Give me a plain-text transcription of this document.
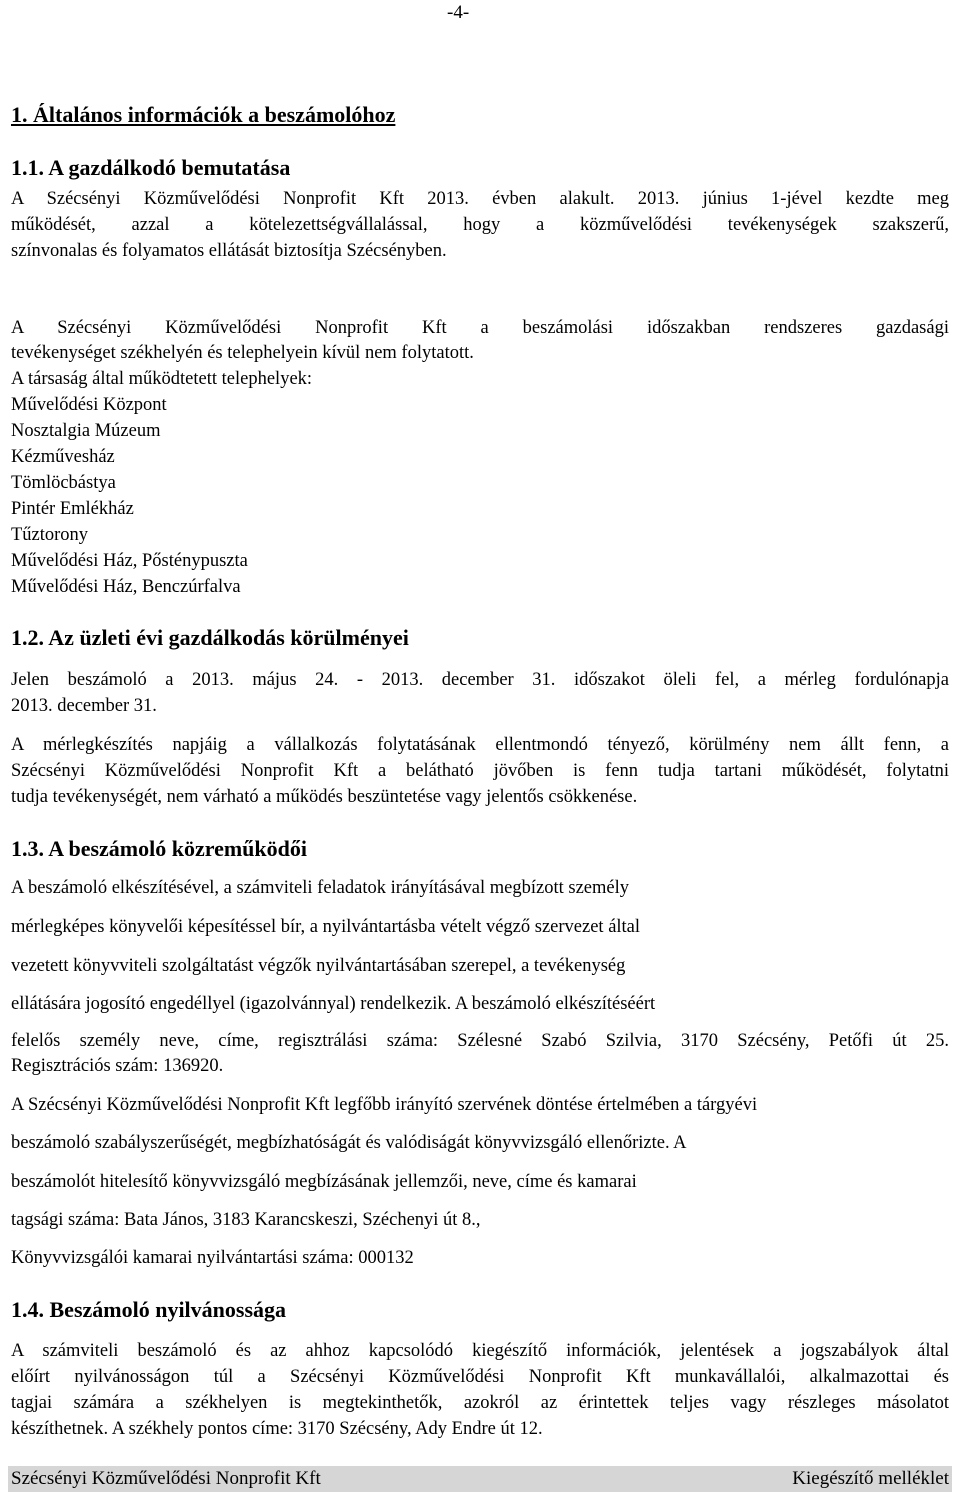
-4-
1. Általános információk a beszámolóhoz
1.1. A gazdálkodó bemutatása
A Szécsényi Közművelődési Nonprofit Kft 2013. évben alakult. 2013. június 1-jével kezdte meg
működését, azzal a kötelezettségvállalással, hogy a közművelődési tevékenységek szakszerű,
színvonalas és folyamatos ellátását biztosítja Szécsényben.
A Szécsényi Közművelődési Nonprofit Kft a beszámolási időszakban rendszeres gazdasági
tevékenységet székhelyén és telephelyein kívül nem folytatott.
A társaság által működtetett telephelyek:
Művelődési Központ
Nosztalgia Múzeum
Kézművesház
Tömlöcbástya
Pintér Emlékház
Tűztorony
Művelődési Ház, Pősténypuszta
Művelődési Ház, Benczúrfalva
1.2. Az üzleti évi gazdálkodás körülményei
Jelen beszámoló a 2013. május 24. - 2013. december 31. időszakot öleli fel, a mérleg fordulónapja
2013. december 31.
A mérlegkészítés napjáig a vállalkozás folytatásának ellentmondó tényező, körülmény nem állt fenn, a
Szécsényi Közművelődési Nonprofit Kft a belátható jövőben is fenn tudja tartani működését, folytatni
tudja tevékenységét, nem várható a működés beszüntetése vagy jelentős csökkenése.
1.3. A beszámoló közreműködői
A beszámoló elkészítésével, a számviteli feladatok irányításával megbízott személy
mérlegképes könyvelői képesítéssel bír, a nyilvántartásba vételt végző szervezet által
vezetett könyvviteli szolgáltatást végzők nyilvántartásában szerepel, a tevékenység
ellátására jogosító engedéllyel (igazolvánnyal) rendelkezik. A beszámoló elkészítéséért
felelős személy neve, címe, regisztrálási száma: Szélesné Szabó Szilvia, 3170 Szécsény, Petőfi út 25.
Regisztrációs szám: 136920.
A Szécsényi Közművelődési Nonprofit Kft legfőbb irányító szervének döntése értelmében a tárgyévi
beszámoló szabályszerűségét, megbízhatóságát és valódiságát könyvvizsgáló ellenőrizte. A
beszámolót hitelesítő könyvvizsgáló megbízásának jellemzői, neve, címe és kamarai
tagsági száma: Bata János, 3183 Karancskeszi, Széchenyi út 8.,
Könyvvizsgálói kamarai nyilvántartási száma: 000132
1.4. Beszámoló nyilvánossága
A számviteli beszámoló és az ahhoz kapcsolódó kiegészítő információk, jelentések a jogszabályok által
előírt nyilvánosságon túl a Szécsényi Közművelődési Nonprofit Kft munkavállalói, alkalmazottai és
tagjai számára a székhelyen is megtekinthetők, azokról az érintettek teljes vagy részleges másolatot
készíthetnek. A székhely pontos címe: 3170 Szécsény, Ady Endre út 12.
Szécsényi Közművelődési Nonprofit Kft	Kiegészítő melléklet
